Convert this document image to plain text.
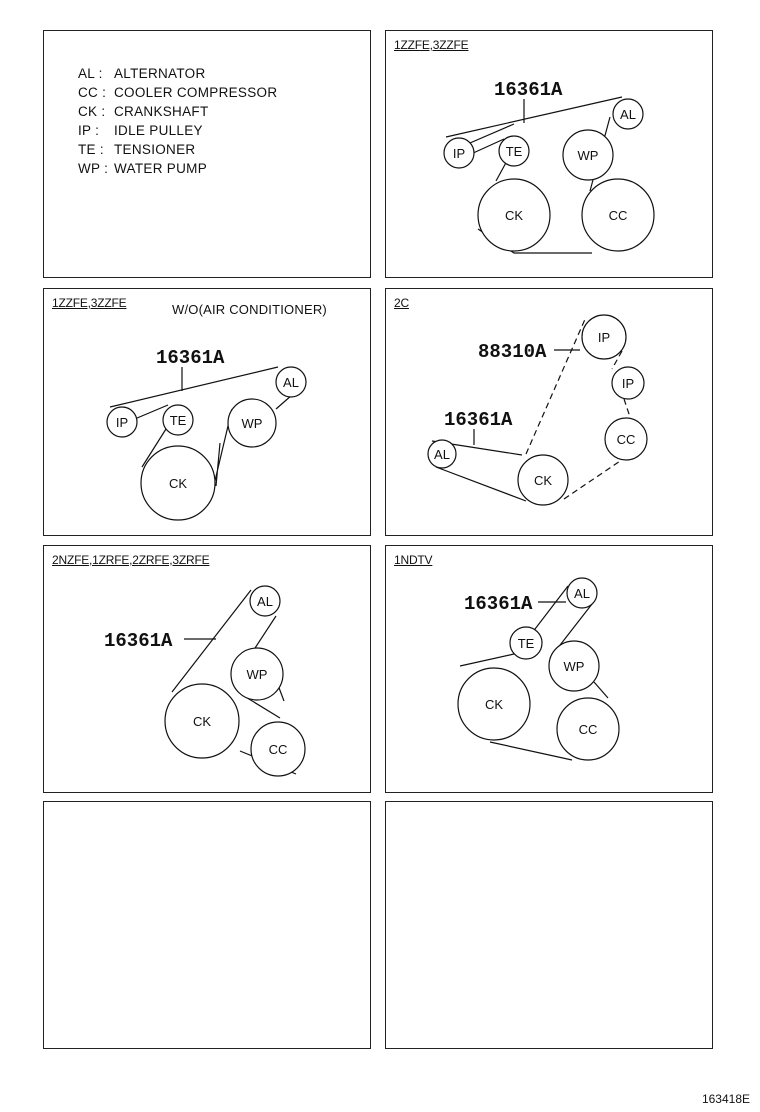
AL : ALTERNATOR
CC : COOLER COMPRESSOR
CK : CRANKSHAFT
IP :	IDLE PULLEY
TE : TENSIONER
WP : WATER PUMP
1ZZFE,3ZZFE
16361A
AL
IP	TE	WP
CK	CC
1ZZFE,3ZZFE	W/O(AIR CONDITIONER)
16361A
AL
IP	TE	WP
CK
2C
88310A
16361A
IP
IP
CC
AL
CK
2NZFE,1ZRFE,2ZRFE,3ZRFE
16361A
AL
WP
CK
CC
1NDTV
16361A	AL
TE
WP
CK
CC
163418E
